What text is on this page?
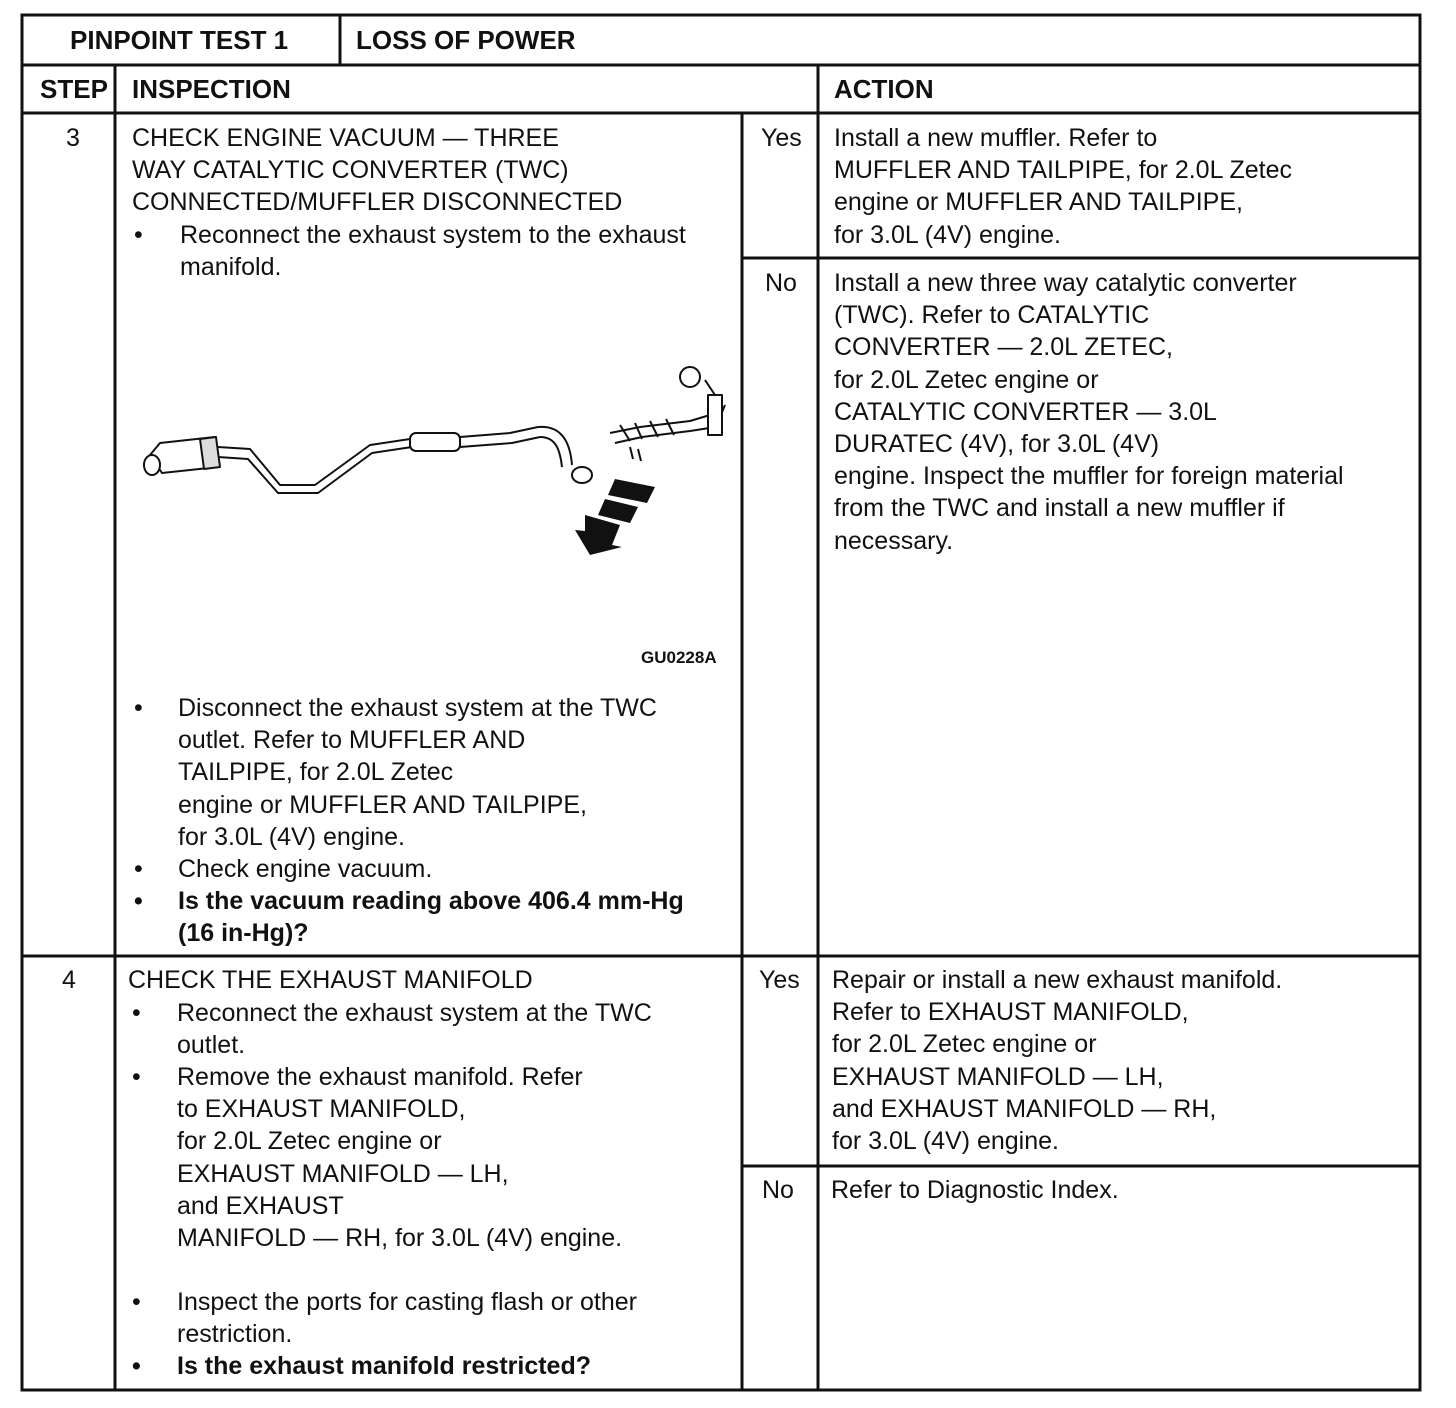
PINPOINT TEST 1	LOSS OF POWER
STEP INSPECTION	ACTION
3 CHECK ENGINE VACUUM — THREE
WAY CATALYTIC CONVERTER (TWC)
CONNECTED/MUFFLER DISCONNECTED
• Reconnect the exhaust system to the exhaust
manifold.
GU0228A
• Disconnect the exhaust system at the TWC
outlet. Refer to MUFFLER AND
TAILPIPE, for 2.0L Zetec
engine or MUFFLER AND TAILPIPE,
for 3.0L (4V) engine.
• Check engine vacuum.
• Is the vacuum reading above 406.4 mm-Hg
(16 in-Hg)?
Yes Install a new muffler. Refer to
MUFFLER AND TAILPIPE, for 2.0L Zetec
engine or MUFFLER AND TAILPIPE,
for 3.0L (4V) engine.
No Install a new three way catalytic converter
(TWC). Refer to CATALYTIC
CONVERTER — 2.0L ZETEC,
for 2.0L Zetec engine or
CATALYTIC CONVERTER — 3.0L
DURATEC (4V), for 3.0L (4V)
engine. Inspect the muffler for foreign material
from the TWC and install a new muffler if
necessary.
4 CHECK THE EXHAUST MANIFOLD
• Reconnect the exhaust system at the TWC
outlet.
• Remove the exhaust manifold. Refer
to EXHAUST MANIFOLD,
for 2.0L Zetec engine or
EXHAUST MANIFOLD — LH,
and EXHAUST
MANIFOLD — RH, for 3.0L (4V) engine.
• Inspect the ports for casting flash or other
restriction.
• Is the exhaust manifold restricted?
Yes Repair or install a new exhaust manifold.
Refer to EXHAUST MANIFOLD,
for 2.0L Zetec engine or
EXHAUST MANIFOLD — LH,
and EXHAUST MANIFOLD — RH,
for 3.0L (4V) engine.
No Refer to Diagnostic Index.
